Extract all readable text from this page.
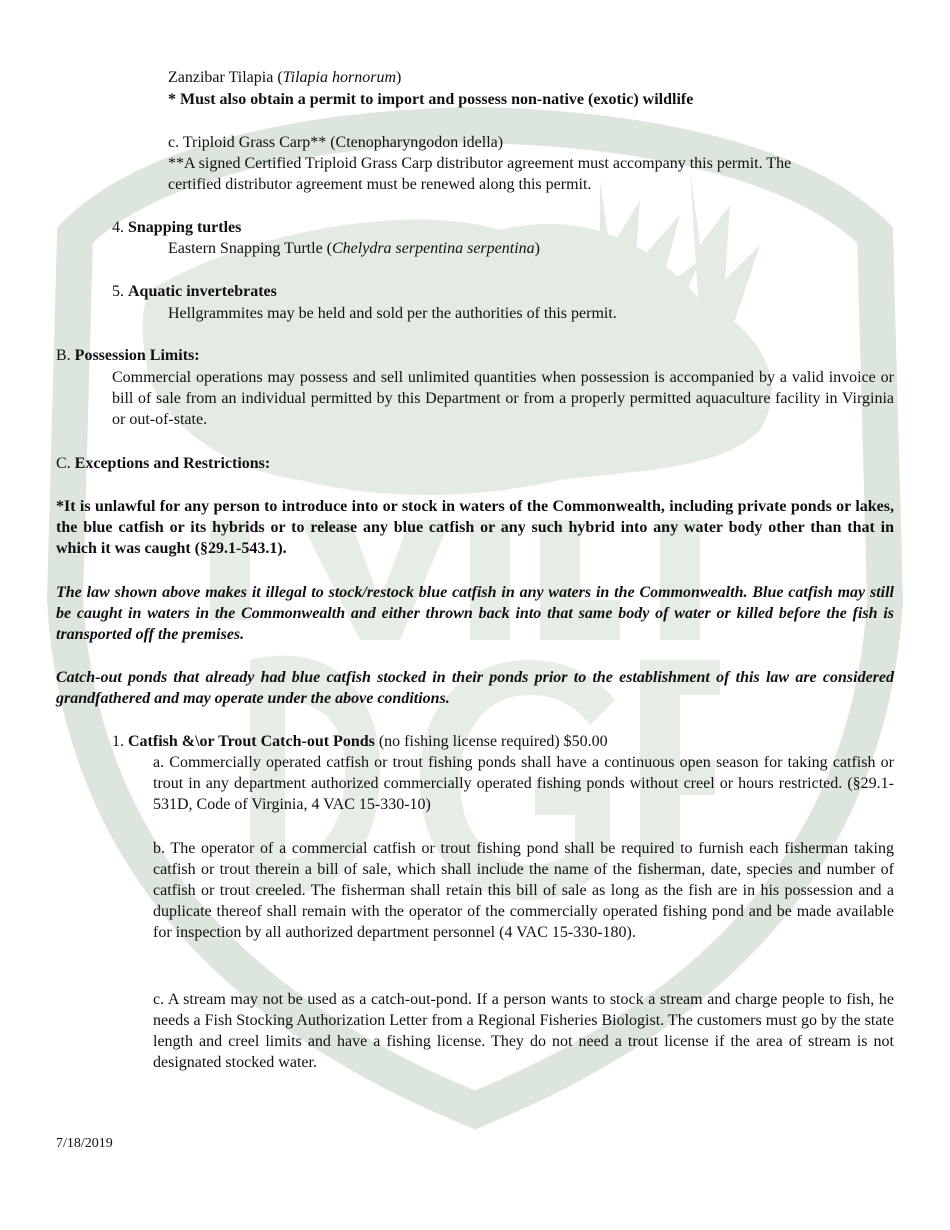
Zanzibar Tilapia (Tilapia hornorum)

* Must also obtain a permit to import and possess non-native (exotic) wildlife

c. Triploid Grass Carp** (Ctenopharyngodon idella)

**A signed Certified Triploid Grass Carp distributor agreement must accompany this permit. The certified distributor agreement must be renewed along this permit.

4. Snapping turtles

Eastern Snapping Turtle (Chelydra serpentina serpentina)

5. Aquatic invertebrates

Hellgrammites may be held and sold per the authorities of this permit.

B. Possession Limits:

Commercial operations may possess and sell unlimited quantities when possession is accompanied by a valid invoice or bill of sale from an individual permitted by this Department or from a properly permitted aquaculture facility in Virginia or out-of-state.

C. Exceptions and Restrictions:

*It is unlawful for any person to introduce into or stock in waters of the Commonwealth, including private ponds or lakes, the blue catfish or its hybrids or to release any blue catfish or any such hybrid into any water body other than that in which it was caught (§29.1-543.1).

The law shown above makes it illegal to stock/restock blue catfish in any waters in the Commonwealth. Blue catfish may still be caught in waters in the Commonwealth and either thrown back into that same body of water or killed before the fish is transported off the premises.

Catch-out ponds that already had blue catfish stocked in their ponds prior to the establishment of this law are considered grandfathered and may operate under the above conditions.

1. Catfish &\or Trout Catch-out Ponds (no fishing license required) $50.00

a. Commercially operated catfish or trout fishing ponds shall have a continuous open season for taking catfish or trout in any department authorized commercially operated fishing ponds without creel or hours restricted. (§29.1-531D, Code of Virginia, 4 VAC 15-330-10)

b. The operator of a commercial catfish or trout fishing pond shall be required to furnish each fisherman taking catfish or trout therein a bill of sale, which shall include the name of the fisherman, date, species and number of catfish or trout creeled. The fisherman shall retain this bill of sale as long as the fish are in his possession and a duplicate thereof shall remain with the operator of the commercially operated fishing pond and be made available for inspection by all authorized department personnel (4 VAC 15-330-180).

c. A stream may not be used as a catch-out-pond. If a person wants to stock a stream and charge people to fish, he needs a Fish Stocking Authorization Letter from a Regional Fisheries Biologist. The customers must go by the state length and creel limits and have a fishing license. They do not need a trout license if the area of stream is not designated stocked water.

7/18/2019
